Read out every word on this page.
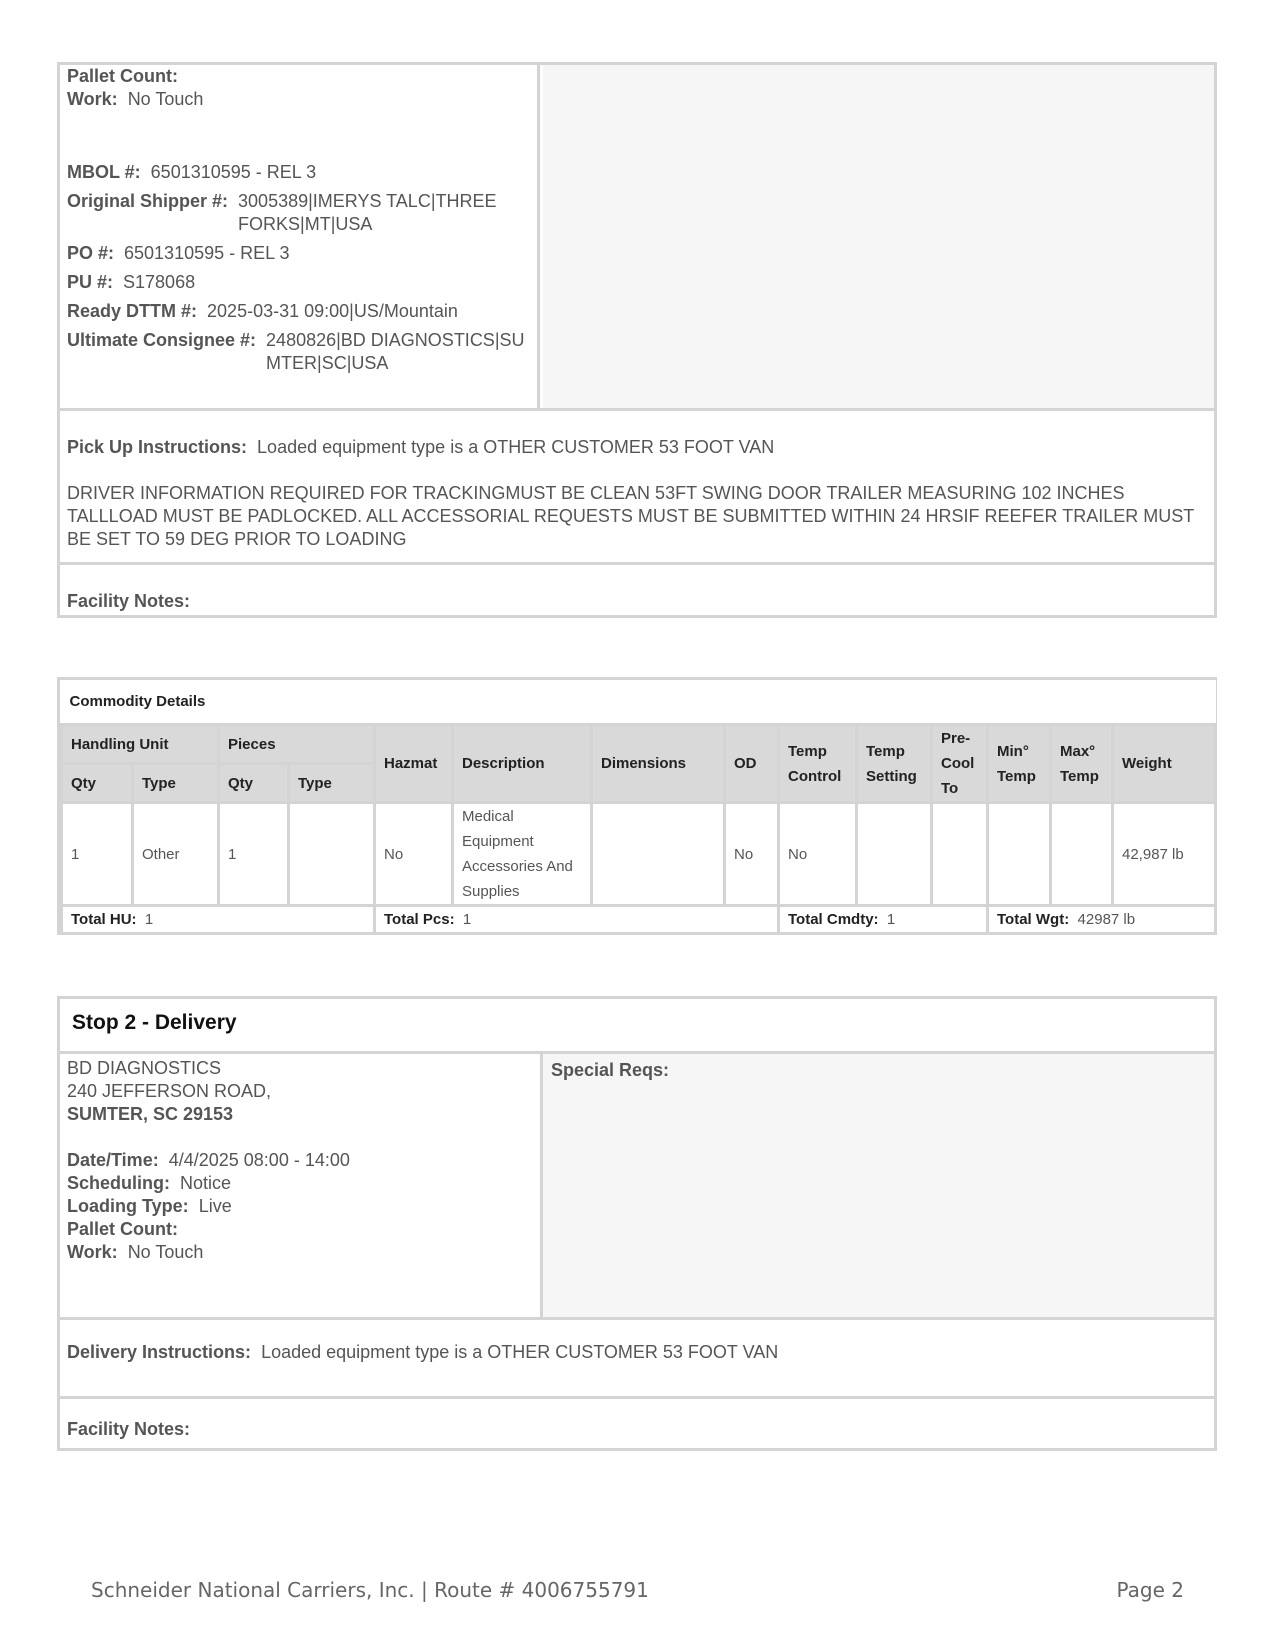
Pallet Count:
Work: No Touch
MBOL #: 6501310595 - REL 3
Original Shipper #: 3005389|IMERYS TALC|THREE FORKS|MT|USA
PO #: 6501310595 - REL 3
PU #: S178068
Ready DTTM #: 2025-03-31 09:00|US/Mountain
Ultimate Consignee #: 2480826|BD DIAGNOSTICS|SUMTER|SC|USA
Pick Up Instructions: Loaded equipment type is a OTHER CUSTOMER 53 FOOT VAN
DRIVER INFORMATION REQUIRED FOR TRACKINGMUST BE CLEAN 53FT SWING DOOR TRAILER MEASURING 102 INCHES TALLLOAD MUST BE PADLOCKED. ALL ACCESSORIAL REQUESTS MUST BE SUBMITTED WITHIN 24 HRSIF REEFER TRAILER MUST BE SET TO 59 DEG PRIOR TO LOADING
Facility Notes:
Commodity Details													
Handling Unit		Pieces		Hazmat	Description	Dimensions	OD	Temp Control	Temp Setting	Pre-Cool To	Min° Temp	Max° Temp	Weight
Qty	Type	Qty	Type										
1	Other	1		No	Medical Equipment Accessories And Supplies		No	No					42,987 lb
Total HU: 1				Total Pcs: 1				Total Cmdty: 1			Total Wgt: 42987 lb		
Stop 2 - Delivery
BD DIAGNOSTICS
240 JEFFERSON ROAD,
SUMTER, SC 29153
Date/Time: 4/4/2025 08:00 - 14:00
Scheduling: Notice
Loading Type: Live
Pallet Count:
Work: No Touch
Special Reqs:
Delivery Instructions: Loaded equipment type is a OTHER CUSTOMER 53 FOOT VAN
Facility Notes:
Schneider National Carriers, Inc. | Route # 4006755791	Page 2
